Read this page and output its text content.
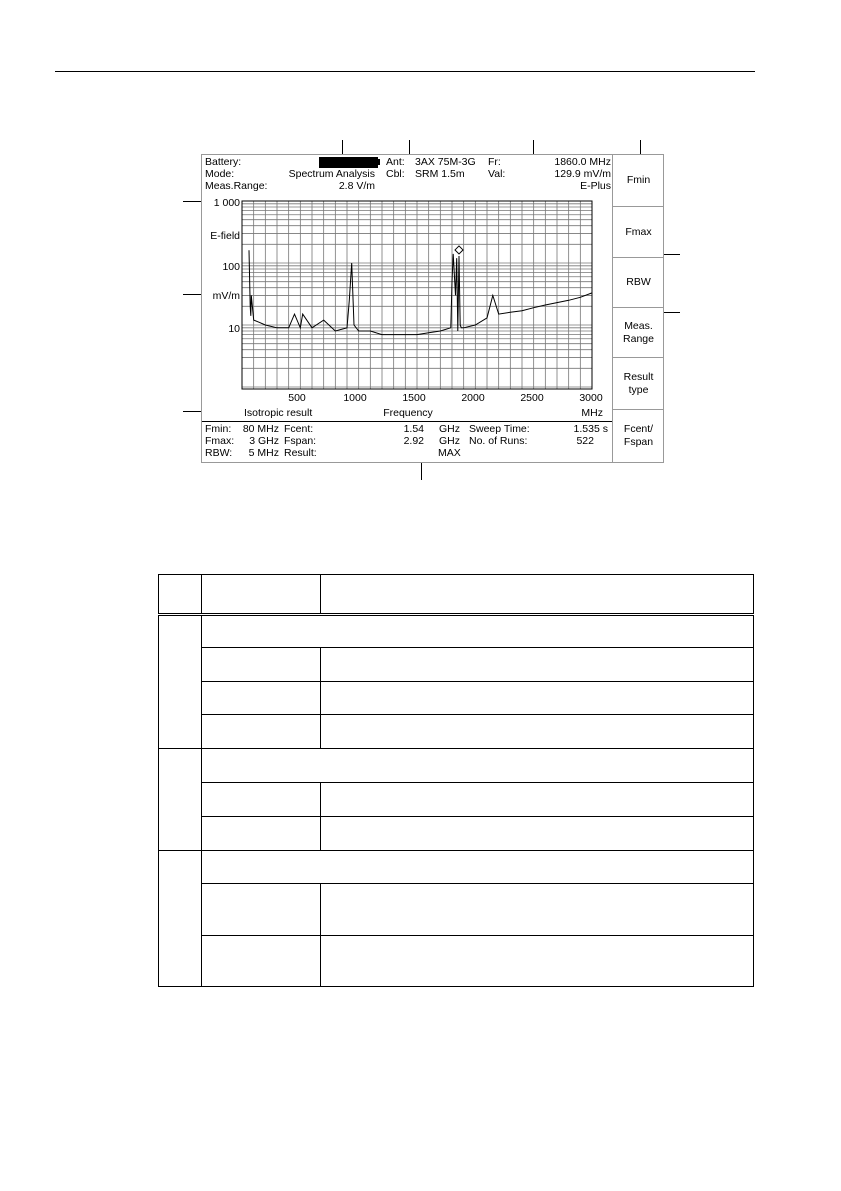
Battery:
Mode:	Spectrum Analysis
Meas.Range:	2.8 V/m
Ant: 3AX 75M-3G
Cbl: SRM 1.5m
Fr:	1860.0 MHz
Val:	129.9 mV/m
E-Plus
1 000
100
10
E-field
mV/m
500	1000	1500	2000	2500	3000
Isotropic result	Frequency	MHz
Fmin:	80 MHz
Fmax:	3 GHz
RBW:	5 MHz
Fcent:	1.54 GHz
Fspan:	2.92 GHz
Result:	MAX
Sweep Time:	1.535 s
No. of Runs:	522
Fmin
Fmax
RBW
Meas.
Range
Result
type
Fcent/
Fspan
